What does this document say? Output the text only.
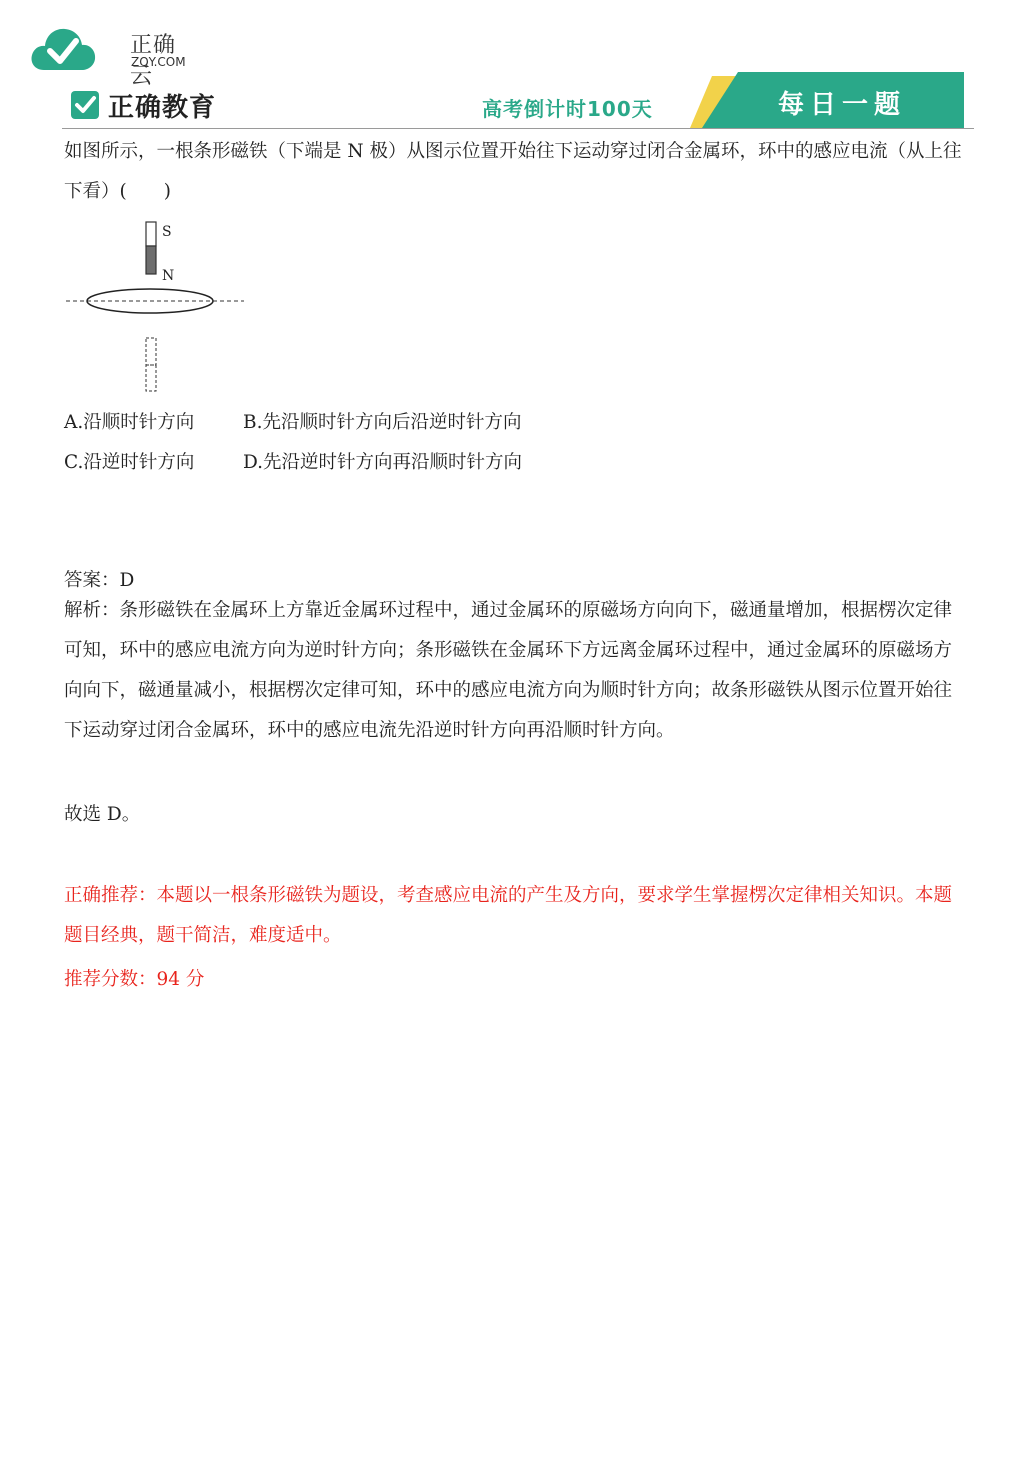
正确云
ZQY.COM
正确教育	高考倒计时100天	每日一题
如图所示，一根条形磁铁（下端是 N 极）从图示位置开始往下运动穿过闭合金属环，环中的感应电流（从上往下看）(　　)
S
N
A.沿顺时针方向	B.先沿顺时针方向后沿逆时针方向
C.沿逆时针方向	D.先沿逆时针方向再沿顺时针方向
答案：D
解析：条形磁铁在金属环上方靠近金属环过程中，通过金属环的原磁场方向向下，磁通量增加，根据楞次定律可知，环中的感应电流方向为逆时针方向；条形磁铁在金属环下方远离金属环过程中，通过金属环的原磁场方向向下，磁通量减小，根据楞次定律可知，环中的感应电流方向为顺时针方向；故条形磁铁从图示位置开始往下运动穿过闭合金属环，环中的感应电流先沿逆时针方向再沿顺时针方向。
故选 D。
正确推荐：本题以一根条形磁铁为题设，考查感应电流的产生及方向，要求学生掌握楞次定律相关知识。本题题目经典，题干简洁，难度适中。
推荐分数：94 分
